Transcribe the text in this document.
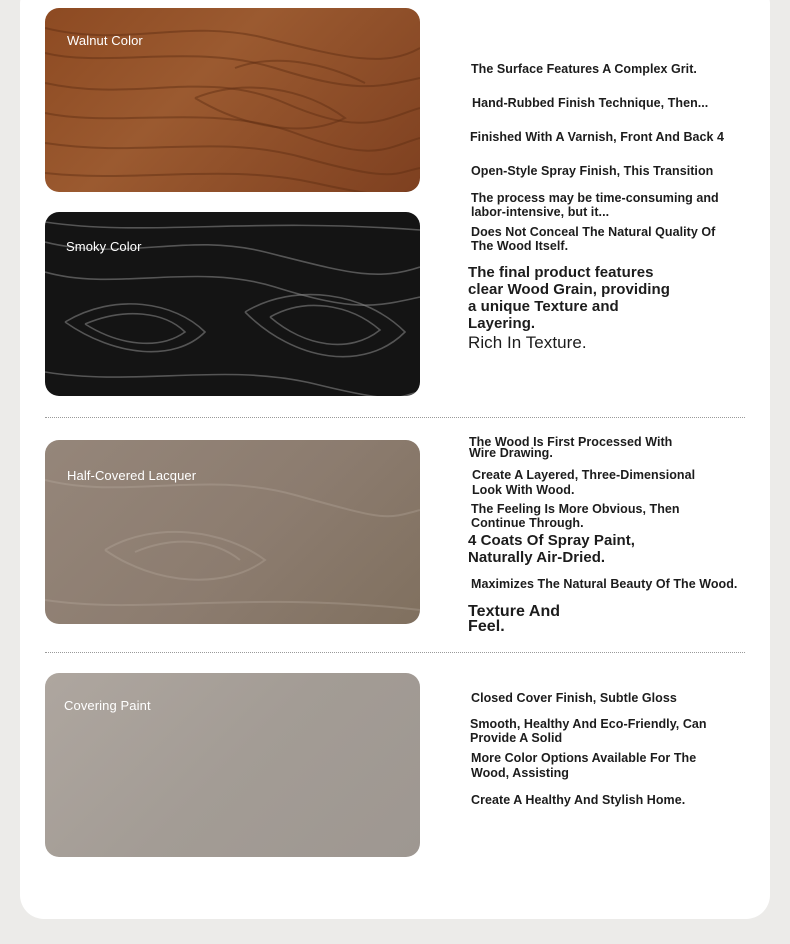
Walnut Color
Smoky Color
The Surface Features A Complex Grit.
Hand-Rubbed Finish Technique, Then...
Finished With A Varnish, Front And Back 4
Open-Style Spray Finish, This Transition
The process may be time-consuming and labor-intensive, but it...
Does Not Conceal The Natural Quality Of The Wood Itself.
The final product features clear Wood Grain, providing a unique Texture and Layering.
Rich In Texture.
Half-Covered Lacquer
The Wood Is First Processed With Wire Drawing.
Create A Layered, Three-Dimensional Look With Wood.
The Feeling Is More Obvious, Then Continue Through.
4 Coats Of Spray Paint, Naturally Air-Dried.
Maximizes The Natural Beauty Of The Wood.
Texture And Feel.
Covering Paint	Closed Cover Finish, Subtle Gloss
Smooth, Healthy And Eco-Friendly, Can Provide A Solid
More Color Options Available For The Wood, Assisting
Create A Healthy And Stylish Home.
